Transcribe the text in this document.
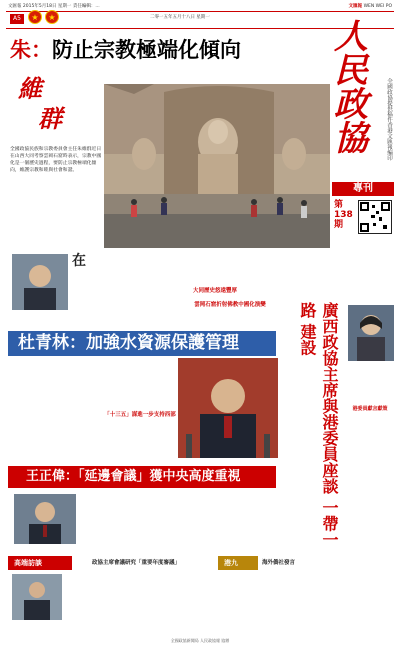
文匯報 2015年5月18日 星期一 責任編輯：...	文匯報 WEN WEI PO
A5	★	★	二零一五年五月十八日 星期一
朱：防止宗教極端化傾向
維
群
全國政協民族和宗教委員會主任朱維群近日在山西大同考察雲岡石窟時表示，宗教中國化是一個歷史過程，要防止宗教極端化傾向，維護宗教和睦與社會和諧。
人民政協	全國政協提供稿件香港文匯報編印
專刊
第138期
在
大同歷史悠遠豐厚
雲岡石窟折射佛教中國化演變
杜青林：加強水資源保護管理	廣西政協主席與港委員座談 一帶一路 建設
港委員獻言獻策
「十三五」謀進一步支持西部
王正偉：「延邊會議」獲中央高度重視
高端訪談	政協主席會議研究「重要年度審議」	港九	海外僑社發言
全國政協新聞局 人民政協報 協辦
